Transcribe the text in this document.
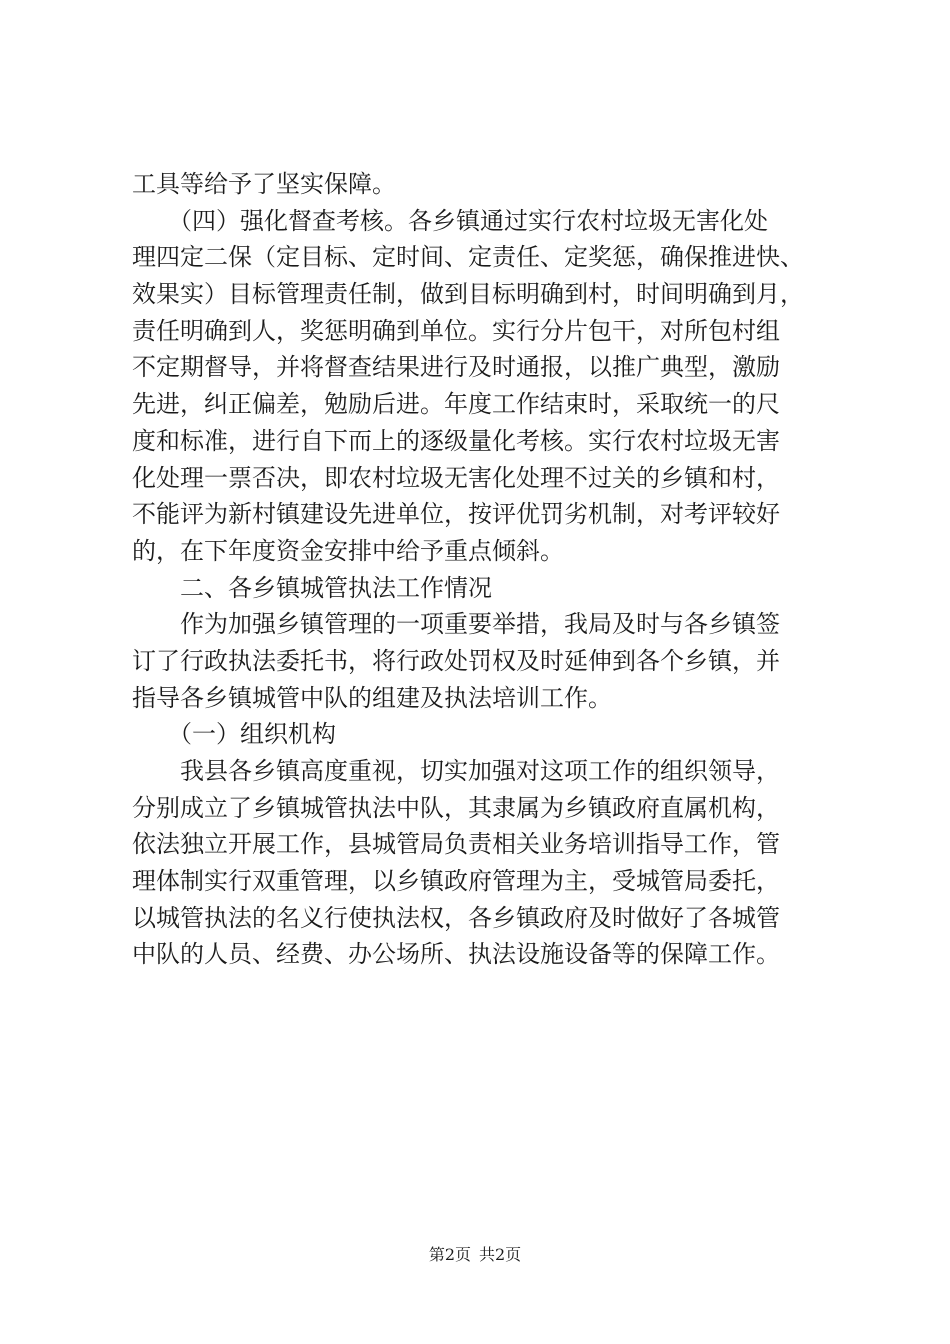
工具等给予了坚实保障。
　　（四）强化督查考核。各乡镇通过实行农村垃圾无害化处
理四定二保（定目标、定时间、定责任、定奖惩，确保推进快、
效果实）目标管理责任制，做到目标明确到村，时间明确到月，
责任明确到人，奖惩明确到单位。实行分片包干，对所包村组
不定期督导，并将督查结果进行及时通报，以推广典型，激励
先进，纠正偏差，勉励后进。年度工作结束时，采取统一的尺
度和标准，进行自下而上的逐级量化考核。实行农村垃圾无害
化处理一票否决，即农村垃圾无害化处理不过关的乡镇和村，
不能评为新村镇建设先进单位，按评优罚劣机制，对考评较好
的，在下年度资金安排中给予重点倾斜。
　　二、各乡镇城管执法工作情况
　　作为加强乡镇管理的一项重要举措，我局及时与各乡镇签
订了行政执法委托书，将行政处罚权及时延伸到各个乡镇，并
指导各乡镇城管中队的组建及执法培训工作。
　　（一）组织机构
　　我县各乡镇高度重视，切实加强对这项工作的组织领导，
分别成立了乡镇城管执法中队，其隶属为乡镇政府直属机构，
依法独立开展工作，县城管局负责相关业务培训指导工作，管
理体制实行双重管理，以乡镇政府管理为主，受城管局委托，
以城管执法的名义行使执法权，各乡镇政府及时做好了各城管
中队的人员、经费、办公场所、执法设施设备等的保障工作。
第2页 共2页
